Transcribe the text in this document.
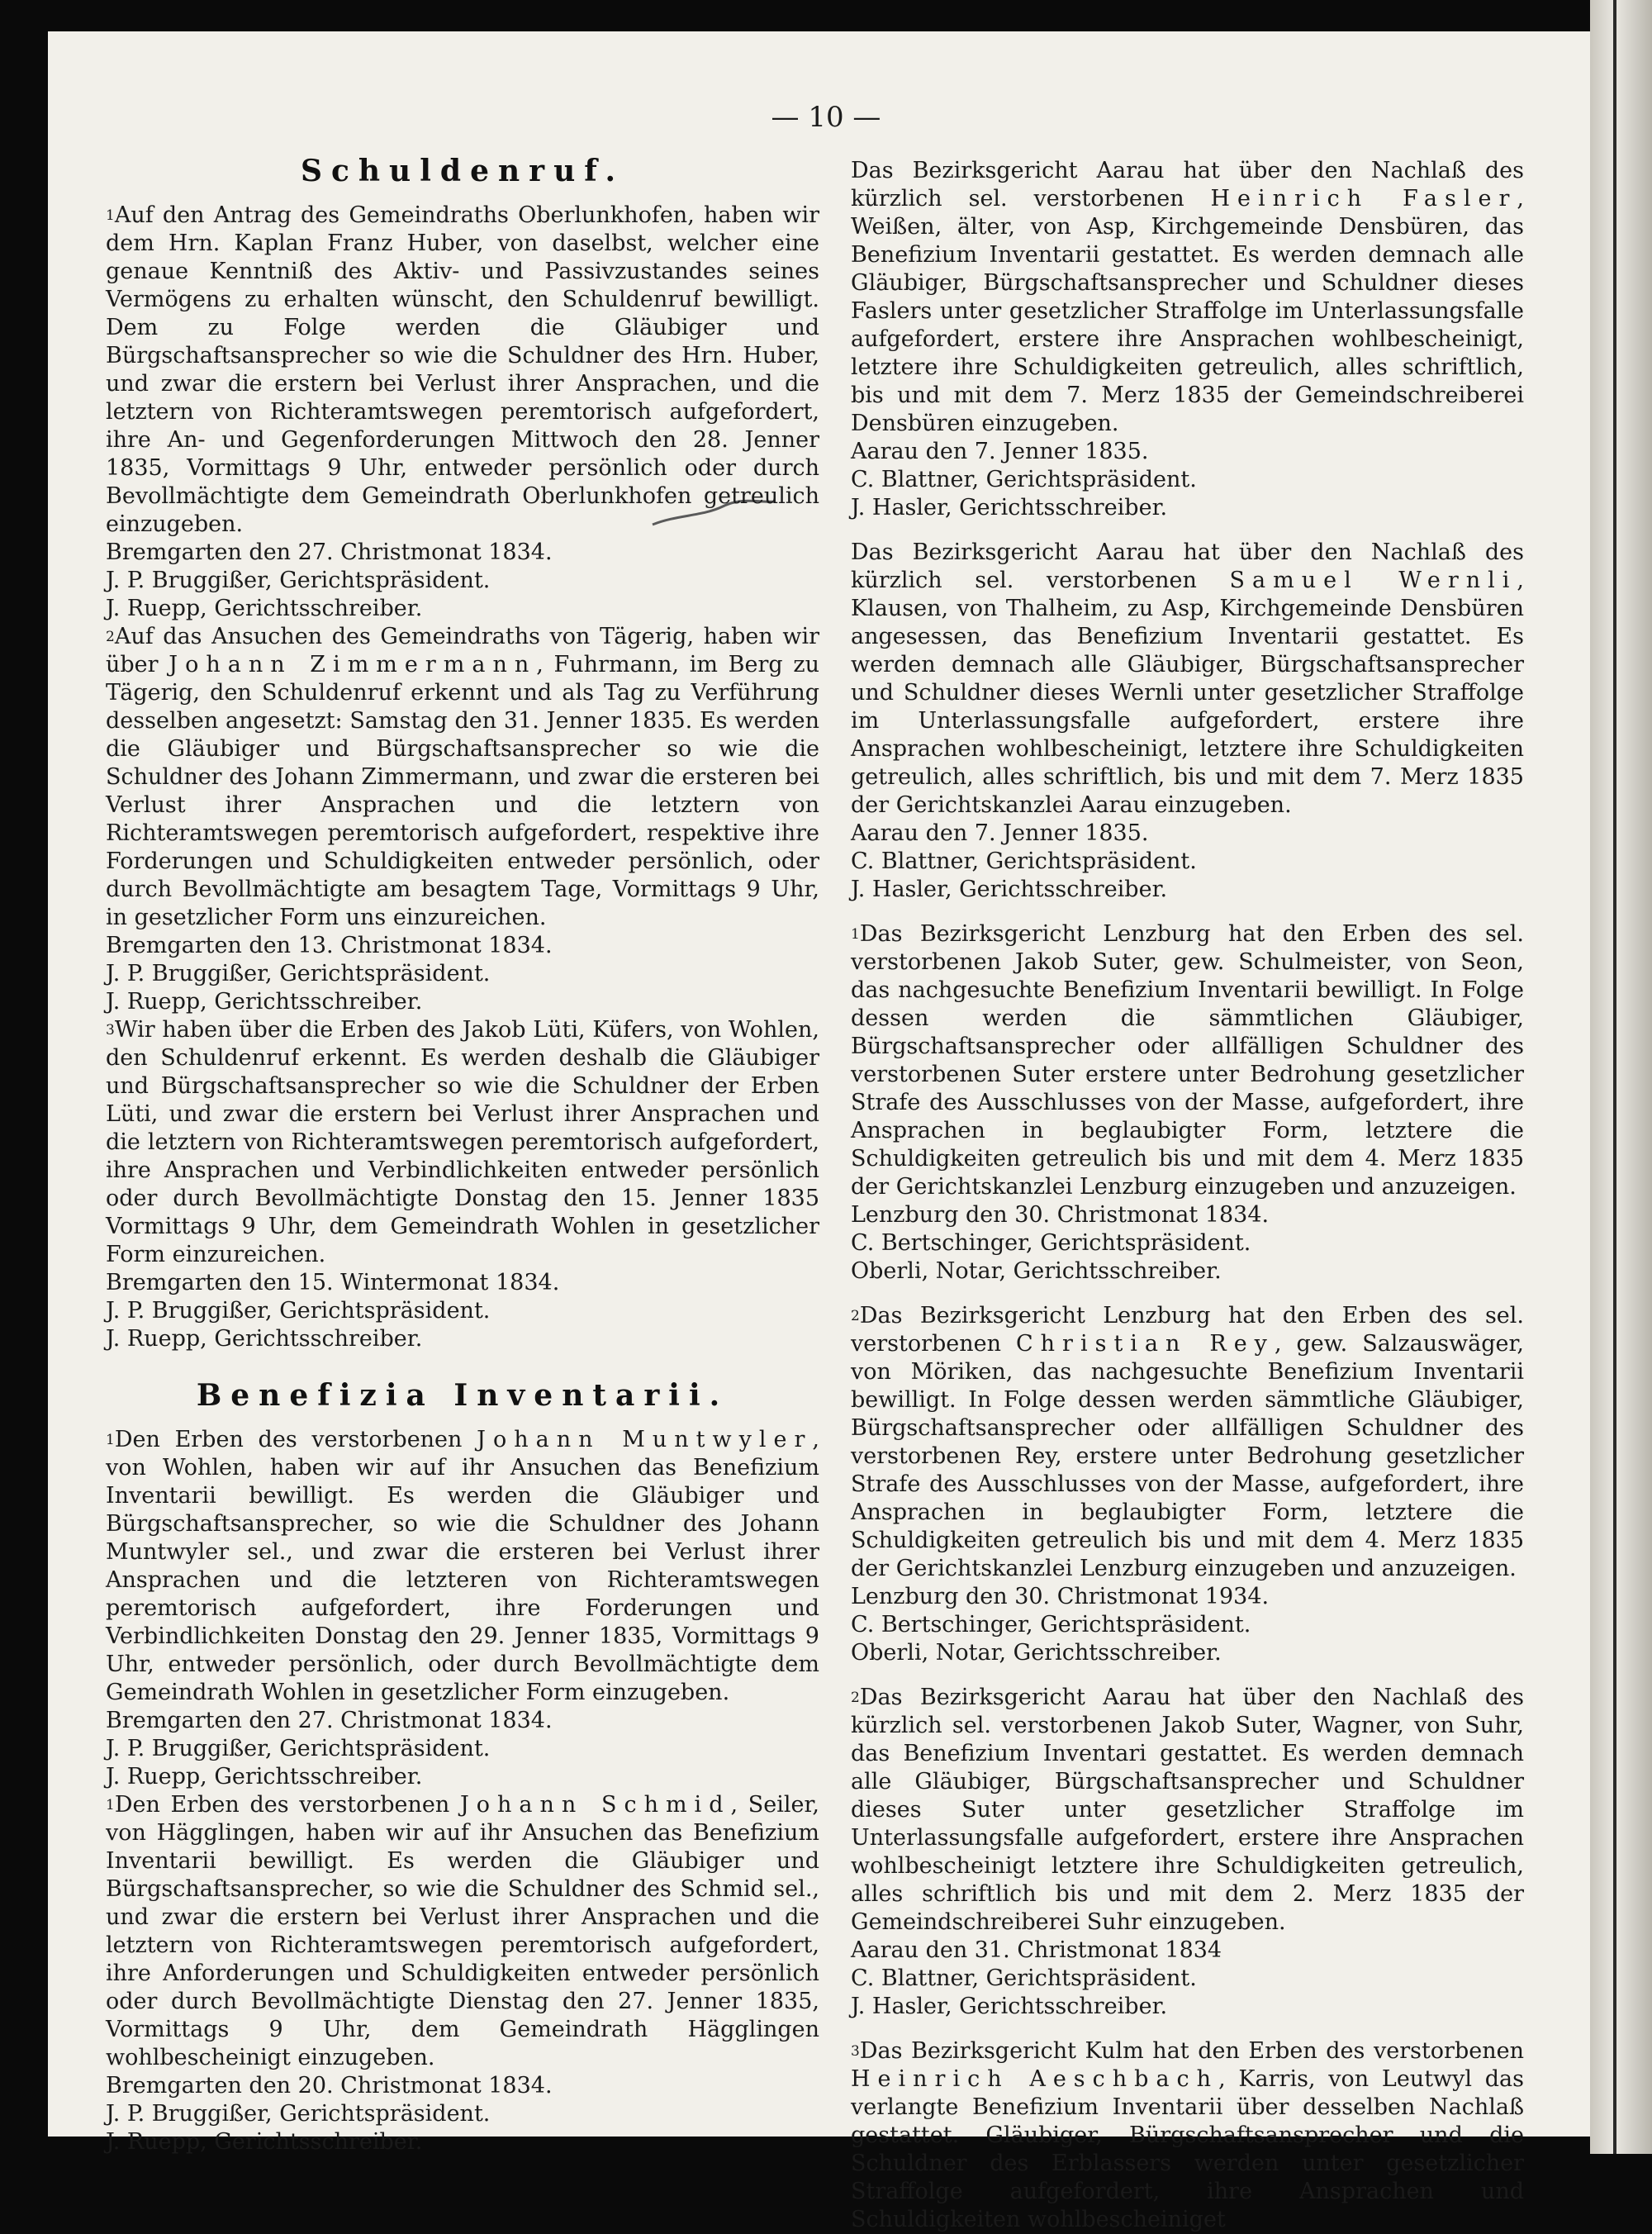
— 10 —
Schuldenruf.

$^1$Auf den Antrag des Gemeindraths Oberlunkhofen, haben wir dem Hrn. Kaplan Franz Huber, von daselbst, welcher eine genaue Kenntniß des Aktiv- und Passivzustandes seines Vermögens zu erhalten wünscht, den Schuldenruf bewilligt. Dem zu Folge werden die Gläubiger und Bürgschaftsansprecher so wie die Schuldner des Hrn. Huber, und zwar die erstern bei Verlust ihrer Ansprachen, und die letztern von Richteramtswegen peremtorisch aufgefordert, ihre An- und Gegenforderungen Mittwoch den 28. Jenner 1835, Vormittags 9 Uhr, entweder persönlich oder durch Bevollmächtigte dem Gemeindrath Oberlunkhofen getreulich einzugeben.

Bremgarten den 27. Christmonat 1834.

J. P. Bruggißer, Gerichtspräsident.

J. Ruepp, Gerichtsschreiber.

$^2$Auf das Ansuchen des Gemeindraths von Tägerig, haben wir über Johann Zimmermann, Fuhrmann, im Berg zu Tägerig, den Schuldenruf erkennt und als Tag zu Verführung desselben angesetzt: Samstag den 31. Jenner 1835. Es werden die Gläubiger und Bürgschaftsansprecher so wie die Schuldner des Johann Zimmermann, und zwar die ersteren bei Verlust ihrer Ansprachen und die letztern von Richteramtswegen peremtorisch aufgefordert, respektive ihre Forderungen und Schuldigkeiten entweder persönlich, oder durch Bevollmächtigte am besagtem Tage, Vormittags 9 Uhr, in gesetzlicher Form uns einzureichen.

Bremgarten den 13. Christmonat 1834.

J. P. Bruggißer, Gerichtspräsident.

J. Ruepp, Gerichtsschreiber.

$^3$Wir haben über die Erben des Jakob Lüti, Küfers, von Wohlen, den Schuldenruf erkennt. Es werden deshalb die Gläubiger und Bürgschaftsansprecher so wie die Schuldner der Erben Lüti, und zwar die erstern bei Verlust ihrer Ansprachen und die letztern von Richteramtswegen peremtorisch aufgefordert, ihre Ansprachen und Verbindlichkeiten entweder persönlich oder durch Bevollmächtigte Donstag den 15. Jenner 1835 Vormittags 9 Uhr, dem Gemeindrath Wohlen in gesetzlicher Form einzureichen.

Bremgarten den 15. Wintermonat 1834.

J. P. Bruggißer, Gerichtspräsident.

J. Ruepp, Gerichtsschreiber.

Benefizia Inventarii.

$^1$Den Erben des verstorbenen Johann Muntwyler, von Wohlen, haben wir auf ihr Ansuchen das Benefizium Inventarii bewilligt. Es werden die Gläubiger und Bürgschaftsansprecher, so wie die Schuldner des Johann Muntwyler sel., und zwar die ersteren bei Verlust ihrer Ansprachen und die letzteren von Richteramtswegen peremtorisch aufgefordert, ihre Forderungen und Verbindlichkeiten Donstag den 29. Jenner 1835, Vormittags 9 Uhr, entweder persönlich, oder durch Bevollmächtigte dem Gemeindrath Wohlen in gesetzlicher Form einzugeben.

Bremgarten den 27. Christmonat 1834.

J. P. Bruggißer, Gerichtspräsident.

J. Ruepp, Gerichtsschreiber.

$^1$Den Erben des verstorbenen Johann Schmid, Seiler, von Hägglingen, haben wir auf ihr Ansuchen das Benefizium Inventarii bewilligt. Es werden die Gläubiger und Bürgschaftsansprecher, so wie die Schuldner des Schmid sel., und zwar die erstern bei Verlust ihrer Ansprachen und die letztern von Richteramtswegen peremtorisch aufgefordert, ihre Anforderungen und Schuldigkeiten entweder persönlich oder durch Bevollmächtigte Dienstag den 27. Jenner 1835, Vormittags 9 Uhr, dem Gemeindrath Hägglingen wohlbescheinigt einzugeben.

Bremgarten den 20. Christmonat 1834.

J. P. Bruggißer, Gerichtspräsident.

J. Ruepp, Gerichtsschreiber.

Das Bezirksgericht Aarau hat über den Nachlaß des kürzlich sel. verstorbenen Heinrich Fasler, Weißen, älter, von Asp, Kirchgemeinde Densbüren, das Benefizium Inventarii gestattet. Es werden demnach alle Gläubiger, Bürgschaftsansprecher und Schuldner dieses Faslers unter gesetzlicher Straffolge im Unterlassungsfalle aufgefordert, erstere ihre Ansprachen wohlbescheinigt, letztere ihre Schuldigkeiten getreulich, alles schriftlich, bis und mit dem 7. Merz 1835 der Gemeindschreiberei Densbüren einzugeben.

Aarau den 7. Jenner 1835.

C. Blattner, Gerichtspräsident.

J. Hasler, Gerichtsschreiber.

Das Bezirksgericht Aarau hat über den Nachlaß des kürzlich sel. verstorbenen Samuel Wernli, Klausen, von Thalheim, zu Asp, Kirchgemeinde Densbüren angesessen, das Benefizium Inventarii gestattet. Es werden demnach alle Gläubiger, Bürgschaftsansprecher und Schuldner dieses Wernli unter gesetzlicher Straffolge im Unterlassungsfalle aufgefordert, erstere ihre Ansprachen wohlbescheinigt, letztere ihre Schuldigkeiten getreulich, alles schriftlich, bis und mit dem 7. Merz 1835 der Gerichtskanzlei Aarau einzugeben.

Aarau den 7. Jenner 1835.

C. Blattner, Gerichtspräsident.

J. Hasler, Gerichtsschreiber.

$^1$Das Bezirksgericht Lenzburg hat den Erben des sel. verstorbenen Jakob Suter, gew. Schulmeister, von Seon, das nachgesuchte Benefizium Inventarii bewilligt. In Folge dessen werden die sämmtlichen Gläubiger, Bürgschaftsansprecher oder allfälligen Schuldner des verstorbenen Suter erstere unter Bedrohung gesetzlicher Strafe des Ausschlusses von der Masse, aufgefordert, ihre Ansprachen in beglaubigter Form, letztere die Schuldigkeiten getreulich bis und mit dem 4. Merz 1835 der Gerichtskanzlei Lenzburg einzugeben und anzuzeigen.

Lenzburg den 30. Christmonat 1834.

C. Bertschinger, Gerichtspräsident.

Oberli, Notar, Gerichtsschreiber.

$^2$Das Bezirksgericht Lenzburg hat den Erben des sel. verstorbenen Christian Rey, gew. Salzauswäger, von Möriken, das nachgesuchte Benefizium Inventarii bewilligt. In Folge dessen werden sämmtliche Gläubiger, Bürgschaftsansprecher oder allfälligen Schuldner des verstorbenen Rey, erstere unter Bedrohung gesetzlicher Strafe des Ausschlusses von der Masse, aufgefordert, ihre Ansprachen in beglaubigter Form, letztere die Schuldigkeiten getreulich bis und mit dem 4. Merz 1835 der Gerichtskanzlei Lenzburg einzugeben und anzuzeigen.

Lenzburg den 30. Christmonat 1934.

C. Bertschinger, Gerichtspräsident.

Oberli, Notar, Gerichtsschreiber.

$^2$Das Bezirksgericht Aarau hat über den Nachlaß des kürzlich sel. verstorbenen Jakob Suter, Wagner, von Suhr, das Benefizium Inventari gestattet. Es werden demnach alle Gläubiger, Bürgschaftsansprecher und Schuldner dieses Suter unter gesetzlicher Straffolge im Unterlassungsfalle aufgefordert, erstere ihre Ansprachen wohlbescheinigt letztere ihre Schuldigkeiten getreulich, alles schriftlich bis und mit dem 2. Merz 1835 der Gemeindschreiberei Suhr einzugeben.

Aarau den 31. Christmonat 1834

C. Blattner, Gerichtspräsident.

J. Hasler, Gerichtsschreiber.

$^3$Das Bezirksgericht Kulm hat den Erben des verstorbenen Heinrich Aeschbach, Karris, von Leutwyl das verlangte Benefizium Inventarii über desselben Nachlaß gestattet. Gläubiger, Bürgschaftsansprecher und die Schuldner des Erblassers werden unter gesetzlicher Straffolge aufgefordert, ihre Ansprachen und Schuldigkeiten wohlbescheiniget
